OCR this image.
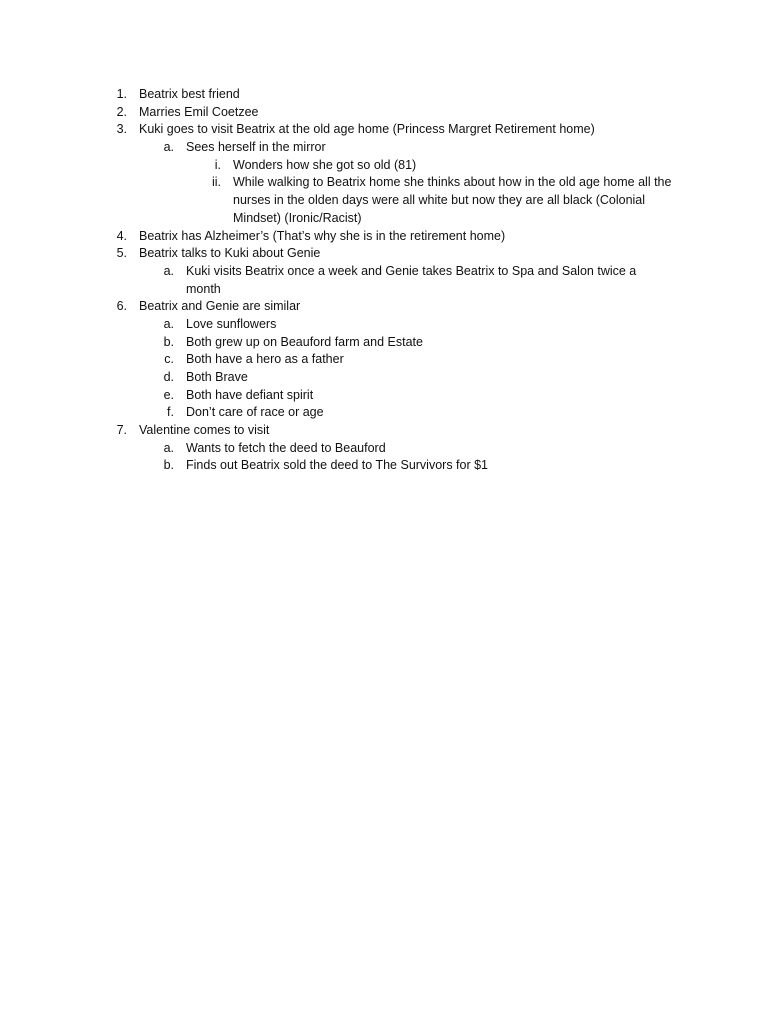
1. Beatrix best friend
2. Marries Emil Coetzee
3. Kuki goes to visit Beatrix at the old age home (Princess Margret Retirement home)
a. Sees herself in the mirror
i. Wonders how she got so old (81)
ii. While walking to Beatrix home she thinks about how in the old age home all the nurses in the olden days were all white but now they are all black (Colonial Mindset) (Ironic/Racist)
4. Beatrix has Alzheimer’s (That’s why she is in the retirement home)
5. Beatrix talks to Kuki about Genie
a. Kuki visits Beatrix once a week and Genie takes Beatrix to Spa and Salon twice a month
6. Beatrix and Genie are similar
a. Love sunflowers
b. Both grew up on Beauford farm and Estate
c. Both have a hero as a father
d. Both Brave
e. Both have defiant spirit
f. Don’t care of race or age
7. Valentine comes to visit
a. Wants to fetch the deed to Beauford
b. Finds out Beatrix sold the deed to The Survivors for $1
